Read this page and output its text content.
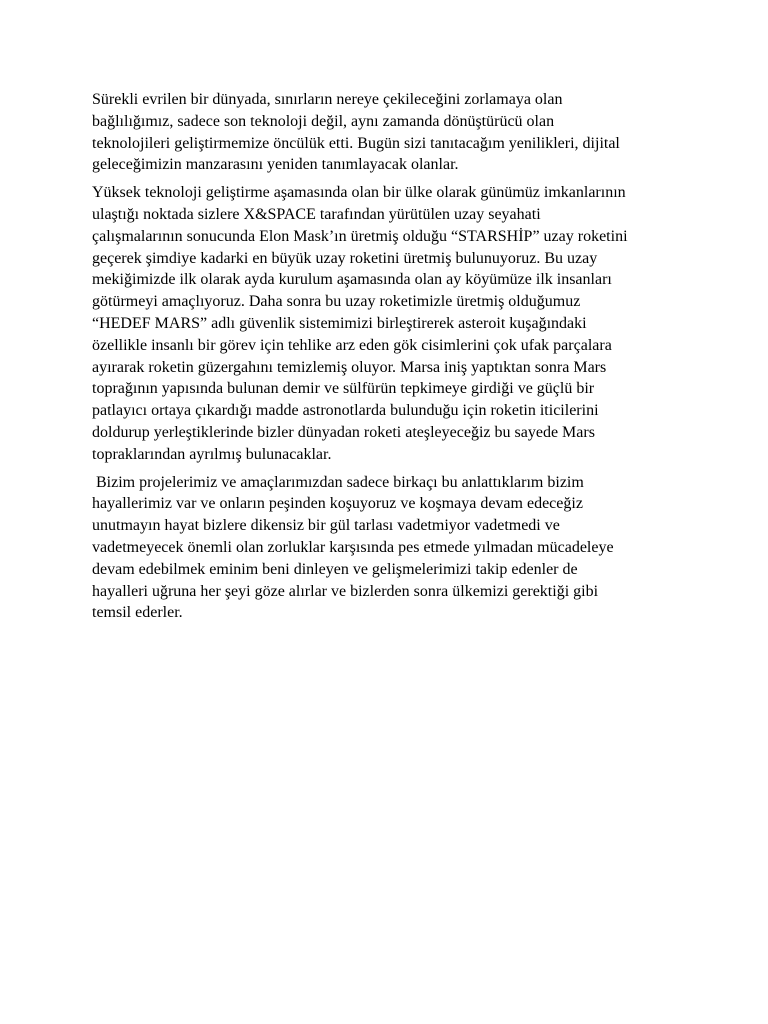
Sürekli evrilen bir dünyada, sınırların nereye çekileceğini zorlamaya olan
bağlılığımız, sadece son teknoloji değil, aynı zamanda dönüştürücü olan
teknolojileri geliştirmemize öncülük etti. Bugün sizi tanıtacağım yenilikleri, dijital
geleceğimizin manzarasını yeniden tanımlayacak olanlar.

Yüksek teknoloji geliştirme aşamasında olan bir ülke olarak günümüz imkanlarının
ulaştığı noktada sizlere X&SPACE tarafından yürütülen uzay seyahati
çalışmalarının sonucunda Elon Mask’ın üretmiş olduğu “STARSHİP” uzay roketini
geçerek şimdiye kadarki en büyük uzay roketini üretmiş bulunuyoruz. Bu uzay
mekiğimizde ilk olarak ayda kurulum aşamasında olan ay köyümüze ilk insanları
götürmeyi amaçlıyoruz. Daha sonra bu uzay roketimizle üretmiş olduğumuz
“HEDEF MARS” adlı güvenlik sistemimizi birleştirerek asteroit kuşağındaki
özellikle insanlı bir görev için tehlike arz eden gök cisimlerini çok ufak parçalara
ayırarak roketin güzergahını temizlemiş oluyor. Marsa iniş yaptıktan sonra Mars
toprağının yapısında bulunan demir ve sülfürün tepkimeye girdiği ve güçlü bir
patlayıcı ortaya çıkardığı madde astronotlarda bulunduğu için roketin iticilerini
doldurup yerleştiklerinde bizler dünyadan roketi ateşleyeceğiz bu sayede Mars
topraklarından ayrılmış bulunacaklar.

Bizim projelerimiz ve amaçlarımızdan sadece birkaçı bu anlattıklarım bizim
hayallerimiz var ve onların peşinden koşuyoruz ve koşmaya devam edeceğiz
unutmayın hayat bizlere dikensiz bir gül tarlası vadetmiyor vadetmedi ve
vadetmeyecek önemli olan zorluklar karşısında pes etmede yılmadan mücadeleye
devam edebilmek eminim beni dinleyen ve gelişmelerimizi takip edenler de
hayalleri uğruna her şeyi göze alırlar ve bizlerden sonra ülkemizi gerektiği gibi
temsil ederler.
